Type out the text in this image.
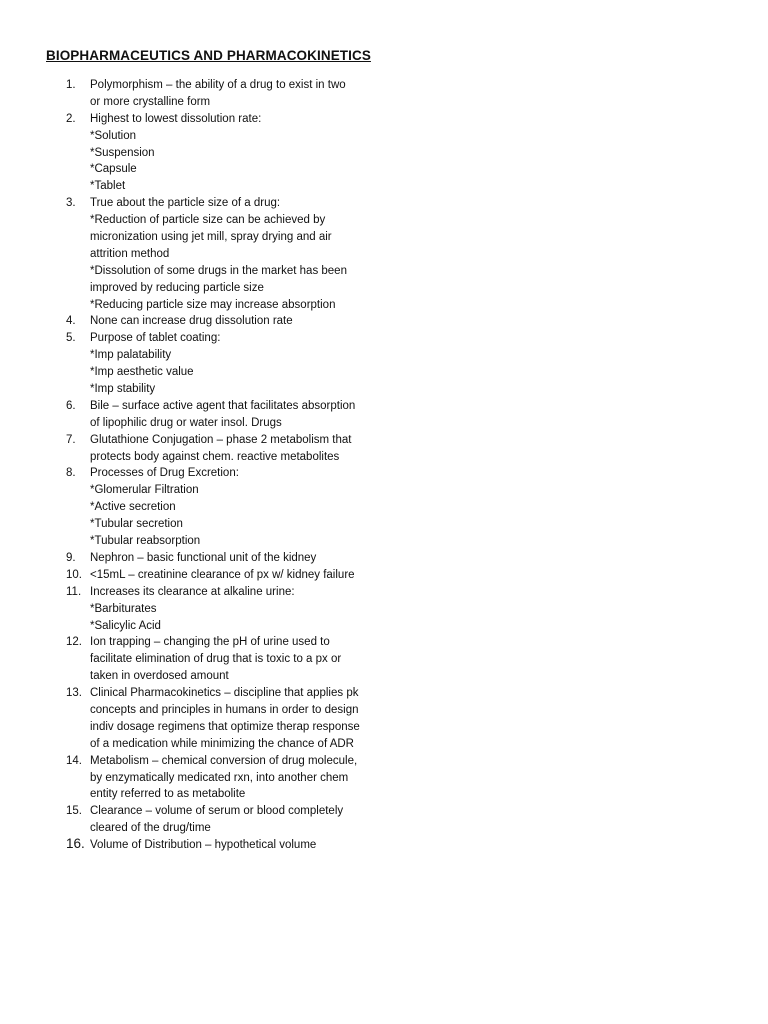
BIOPHARMACEUTICS AND PHARMACOKINETICS
1. Polymorphism – the ability of a drug to exist in two
or more crystalline form
2. Highest to lowest dissolution rate:
*Solution
*Suspension
*Capsule
*Tablet
3. True about the particle size of a drug:
*Reduction of particle size can be achieved by
micronization using jet mill, spray drying and air
attrition method
*Dissolution of some drugs in the market has been
improved by reducing particle size
*Reducing particle size may increase absorption
4. None can increase drug dissolution rate
5. Purpose of tablet coating:
*Imp palatability
*Imp aesthetic value
*Imp stability
6. Bile – surface active agent that facilitates absorption
of lipophilic drug or water insol. Drugs
7. Glutathione Conjugation – phase 2 metabolism that
protects body against chem. reactive metabolites
8. Processes of Drug Excretion:
*Glomerular Filtration
*Active secretion
*Tubular secretion
*Tubular reabsorption
9. Nephron – basic functional unit of the kidney
10. <15mL – creatinine clearance of px w/ kidney failure
11. Increases its clearance at alkaline urine:
*Barbiturates
*Salicylic Acid
12. Ion trapping – changing the pH of urine used to
facilitate elimination of drug that is toxic to a px or
taken in overdosed amount
13. Clinical Pharmacokinetics – discipline that applies pk
concepts and principles in humans in order to design
indiv dosage regimens that optimize therap response
of a medication while minimizing the chance of ADR
14. Metabolism – chemical conversion of drug molecule,
by enzymatically medicated rxn, into another chem
entity referred to as metabolite
15. Clearance – volume of serum or blood completely
cleared of the drug/time
16. Volume of Distribution – hypothetical volume
